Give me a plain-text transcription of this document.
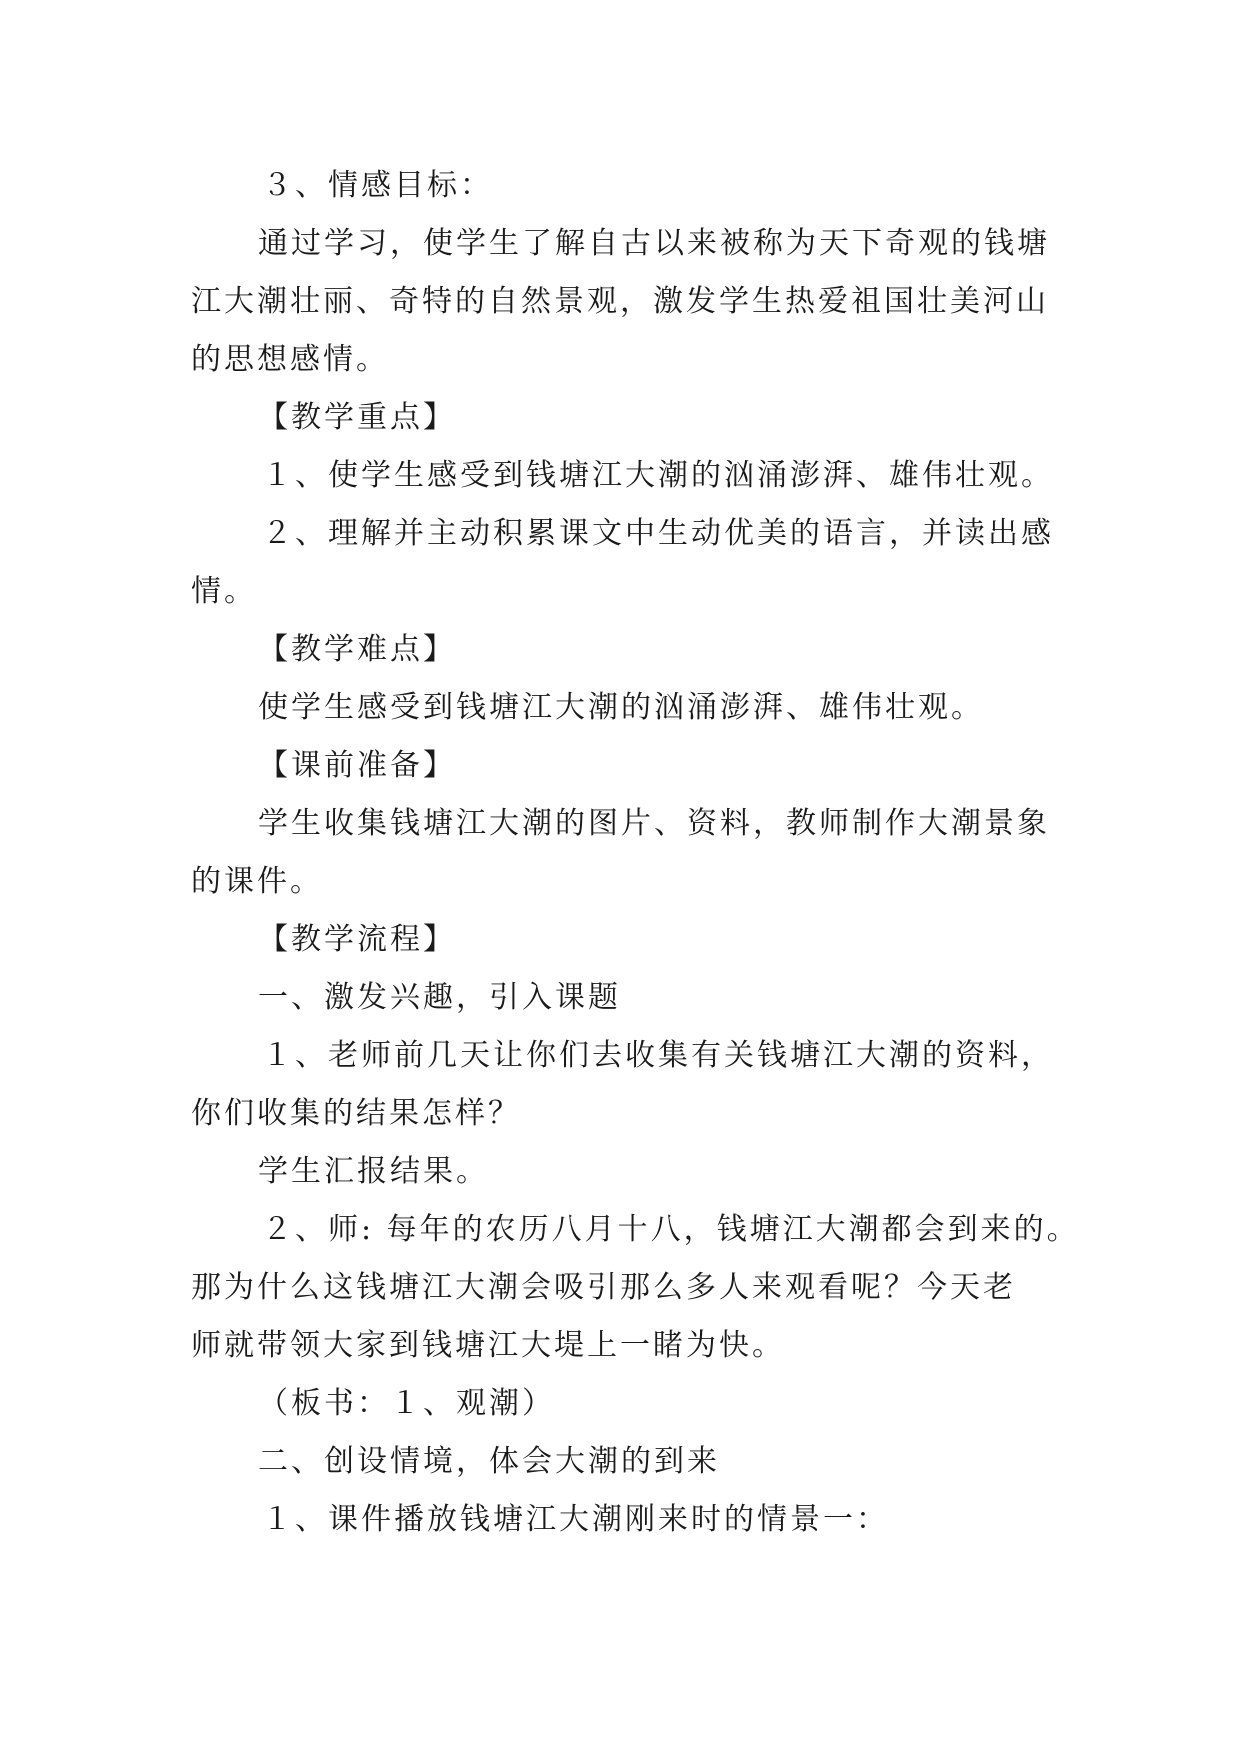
３、情感目标：
通过学习，使学生了解自古以来被称为天下奇观的钱塘
江大潮壮丽、奇特的自然景观，激发学生热爱祖国壮美河山
的思想感情。
【教学重点】
１、使学生感受到钱塘江大潮的汹涌澎湃、雄伟壮观。
２、理解并主动积累课文中生动优美的语言，并读出感
情。
【教学难点】
使学生感受到钱塘江大潮的汹涌澎湃、雄伟壮观。
【课前准备】
学生收集钱塘江大潮的图片、资料，教师制作大潮景象
的课件。
【教学流程】
一、激发兴趣，引入课题
１、老师前几天让你们去收集有关钱塘江大潮的资料，
你们收集的结果怎样？
学生汇报结果。
２、师: 每年的农历八月十八，钱塘江大潮都会到来的。
那为什么这钱塘江大潮会吸引那么多人来观看呢？今天老
师就带领大家到钱塘江大堤上一睹为快。
（板书：１、观潮）
二、创设情境，体会大潮的到来
１、课件播放钱塘江大潮刚来时的情景一：
